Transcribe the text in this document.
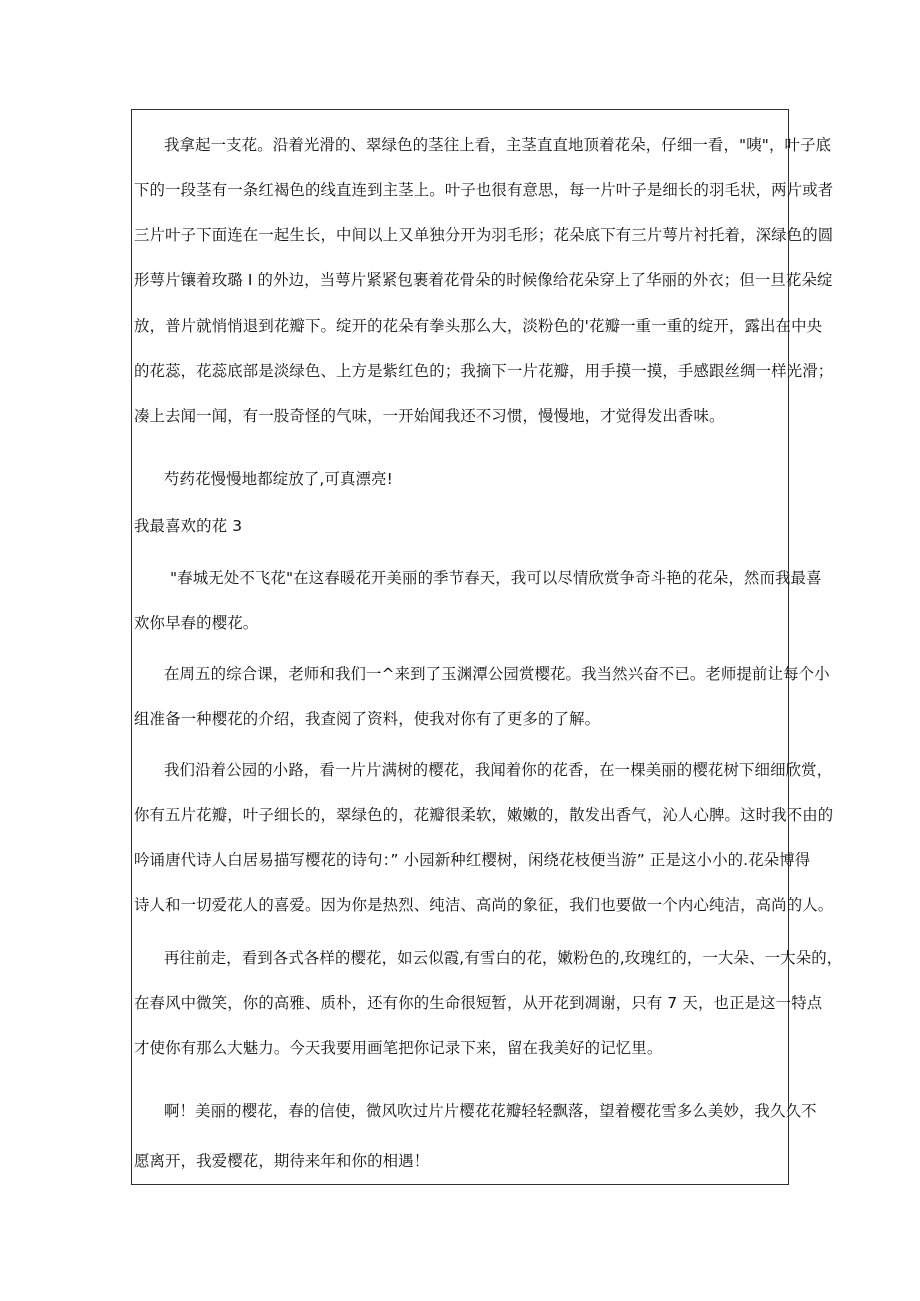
我拿起一支花。沿着光滑的、翠绿色的茎往上看，主茎直直地顶着花朵，仔细一看，"咦"，叶子底

下的一段茎有一条红褐色的线直连到主茎上。叶子也很有意思，每一片叶子是细长的羽毛状，两片或者

三片叶子下面连在一起生长，中间以上又单独分开为羽毛形；花朵底下有三片萼片衬托着，深绿色的圆

形萼片镶着玫璐 I 的外边，当萼片紧紧包裹着花骨朵的时候像给花朵穿上了华丽的外衣；但一旦花朵绽

放，普片就悄悄退到花瓣下。绽开的花朵有拳头那么大，淡粉色的'花瓣一重一重的绽开，露出在中央

的花蕊，花蕊底部是淡绿色、上方是紫红色的；我摘下一片花瓣，用手摸一摸，手感跟丝绸一样光滑；

凑上去闻一闻，有一股奇怪的气味，一开始闻我还不习惯，慢慢地，才觉得发出香味。

芍药花慢慢地都绽放了,可真漂亮!

我最喜欢的花 3

"春城无处不飞花"在这春暖花开美丽的季节春天，我可以尽情欣赏争奇斗艳的花朵，然而我最喜

欢你早春的樱花。

在周五的综合课，老师和我们一^来到了玉渊潭公园赏樱花。我当然兴奋不已。老师提前让每个小

组准备一种樱花的介绍，我查阅了资料，使我对你有了更多的了解。

我们沿着公园的小路，看一片片满树的樱花，我闻着你的花香，在一棵美丽的樱花树下细细欣赏，

你有五片花瓣，叶子细长的，翠绿色的，花瓣很柔软，嫩嫩的，散发出香气，沁人心脾。这时我不由的

吟诵唐代诗人白居易描写樱花的诗句：” 小园新种红樱树，闲绕花枝便当游” 正是这小小的.花朵博得

诗人和一切爱花人的喜爱。因为你是热烈、纯洁、高尚的象征，我们也要做一个内心纯洁，高尚的人。

再往前走，看到各式各样的樱花，如云似霞,有雪白的花，嫩粉色的,玫瑰红的，一大朵、一大朵的，

在春风中微笑，你的高雅、质朴，还有你的生命很短暂，从开花到凋谢，只有 7 天，也正是这一特点

才使你有那么大魅力。今天我要用画笔把你记录下来，留在我美好的记忆里。

啊！美丽的樱花，春的信使，微风吹过片片樱花花瓣轻轻飘落，望着樱花雪多么美妙，我久久不

愿离开，我爱樱花，期待来年和你的相遇！
